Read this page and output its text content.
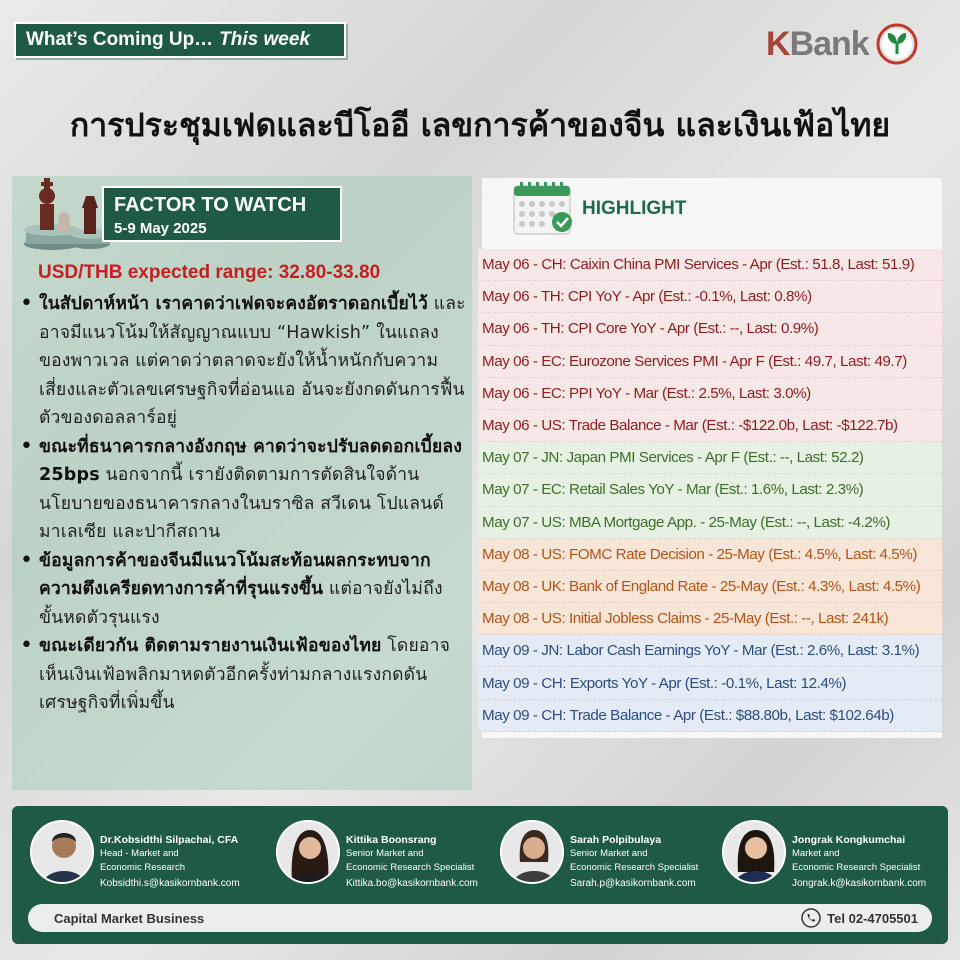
What’s Coming Up… This week	KBank
การประชุมเฟดและบีโออี เลขการค้าของจีน และเงินเฟ้อไทย
FACTOR TO WATCH
5-9 May 2025
USD/THB expected range: 32.80-33.80
• ในสัปดาห์หน้า เราคาดว่าเฟดจะคงอัตราดอกเบี้ยไว้ และอาจมีแนวโน้มให้สัญญาณแบบ “Hawkish” ในแถลงของพาวเวล แต่คาดว่าตลาดจะยังให้น้ำหนักกับความเสี่ยงและตัวเลขเศรษฐกิจที่อ่อนแอ อันจะยังกดดันการฟื้นตัวของดอลลาร์อยู่
• ขณะที่ธนาคารกลางอังกฤษ คาดว่าจะปรับลดดอกเบี้ยลง 25bps นอกจากนี้ เรายังติดตามการตัดสินใจด้านนโยบายของธนาคารกลางในบราซิล สวีเดน โปแลนด์ มาเลเซีย และปากีสถาน
• ข้อมูลการค้าของจีนมีแนวโน้มสะท้อนผลกระทบจากความตึงเครียดทางการค้าที่รุนแรงขึ้น แต่อาจยังไม่ถึงขั้นหดตัวรุนแรง
• ขณะเดียวกัน ติดตามรายงานเงินเฟ้อของไทย โดยอาจเห็นเงินเฟ้อพลิกมาหดตัวอีกครั้งท่ามกลางแรงกดดันเศรษฐกิจที่เพิ่มขึ้น
HIGHLIGHT
May 06 - CH: Caixin China PMI Services - Apr (Est.: 51.8, Last: 51.9)
May 06 - TH: CPI YoY - Apr (Est.: -0.1%, Last: 0.8%)
May 06 - TH: CPI Core YoY - Apr (Est.: --, Last: 0.9%)
May 06 - EC: Eurozone Services PMI - Apr F (Est.: 49.7, Last: 49.7)
May 06 - EC: PPI YoY - Mar (Est.: 2.5%, Last: 3.0%)
May 06 - US: Trade Balance - Mar (Est.: -$122.0b, Last: -$122.7b)
May 07 - JN: Japan PMI Services - Apr F (Est.: --, Last: 52.2)
May 07 - EC: Retail Sales YoY - Mar (Est.: 1.6%, Last: 2.3%)
May 07 - US: MBA Mortgage App. - 25-May (Est.: --, Last: -4.2%)
May 08 - US: FOMC Rate Decision - 25-May (Est.: 4.5%, Last: 4.5%)
May 08 - UK: Bank of England Rate - 25-May (Est.: 4.3%, Last: 4.5%)
May 08 - US: Initial Jobless Claims - 25-May (Est.: --, Last: 241k)
May 09 - JN: Labor Cash Earnings YoY - Mar (Est.: 2.6%, Last: 3.1%)
May 09 - CH: Exports YoY - Apr (Est.: -0.1%, Last: 12.4%)
May 09 - CH: Trade Balance - Apr (Est.: $88.80b, Last: $102.64b)
Dr.Kobsidthi Silpachai, CFA
Head - Market and
Economic Research
Kobsidthi.s@kasikornbank.com
Kittika Boonsrang
Senior Market and
Economic Research Specialist
Kittika.bo@kasikornbank.com
Sarah Polpibulaya
Senior Market and
Economic Research Specialist
Sarah.p@kasikornbank.com
Jongrak Kongkumchai
Market and
Economic Research Specialist
Jongrak.k@kasikornbank.com
Capital Market Business	Tel 02-4705501
